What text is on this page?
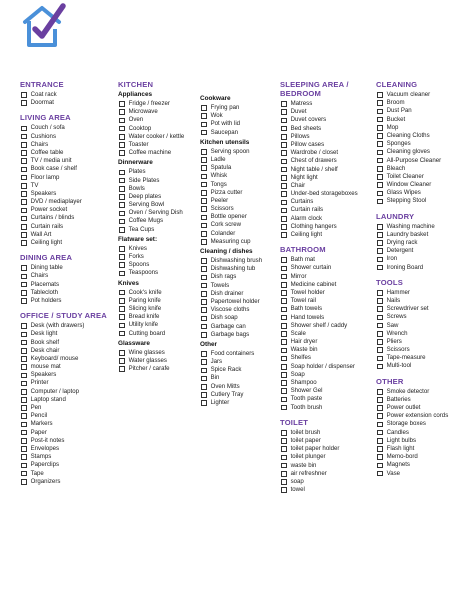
ENTRANCE
Coat rack
Doormat
LIVING AREA
Couch / sofa
Cushions
Chairs
Coffee table
TV / media unit
Book case / shelf
Floor lamp
TV
Speakers
DVD / mediaplayer
Power socket
Curtains / blinds
Curtain rails
Wall Art
Ceiling light
DINING AREA
Dining table
Chairs
Placemats
Tablecloth
Pot holders
OFFICE / STUDY AREA
Desk (with drawers)
Desk light
Book shelf
Desk chair
Keyboard/ mouse
mouse mat
Speakers
Printer
Computer / laptop
Laptop stand
Pen
Pencil
Markers
Paper
Post-it notes
Envelopes
Stamps
Paperclips
Tape
Organizers
KITCHEN
Appliances
Fridge / freezer
Microwave
Oven
Cooktop
Water cooker / kettle
Toaster
Coffee machine
Dinnerware
Plates
Side Plates
Bowls
Deep plates
Serving Bowl
Oven / Serving Dish
Coffee Mugs
Tea Cups
Flatware set:
Knives
Forks
Spoons
Teaspoons
Knives
Cook's knife
Paring knife
Slicing knife
Bread knife
Utility knife
Cutting board
Glassware
Wine glasses
Water glasses
Pitcher / carafe
Cookware
Frying pan
Wok
Pot with lid
Saucepan
Kitchen utensils
Serving spoon
Ladle
Spatula
Whisk
Tongs
Pizza cutter
Peeler
Scissors
Bottle opener
Cork screw
Colander
Measuring cup
Cleaning / dishes
Dishwashing brush
Dishwashing tub
Dish rags
Towels
Dish drainer
Papertowel holder
Viscose cloths
Dish soap
Garbage can
Garbage bags
Other
Food containers
Jars
Spice Rack
Bin
Oven Mitts
Cutlery Tray
Lighter
SLEEPING AREA /
BEDROOM
Matress
Duvet
Duvet covers
Bed sheets
Pillows
Pillow cases
Wardrobe / closet
Chest of drawers
Night table / shelf
Night light
Chair
Under-bed storageboxes
Curtains
Curtain rails
Alarm clock
Clothing hangers
Ceiling light
BATHROOM
Bath mat
Shower curtain
Mirror
Medicine cabinet
Towel holder
Towel rail
Bath towels
Hand towels
Shower shelf / caddy
Scale
Hair dryer
Waste bin
Shelfes
Soap holder / dispenser
Soap
Shampoo
Shower Gel
Tooth paste
Tooth brush
TOILET
toilet brush
toilet paper
toilet paper holder
toilet plunger
waste bin
air refreshner
soap
towel
CLEANING
Vacuum cleaner
Broom
Dust Pan
Bucket
Mop
Cleaning Cloths
Sponges
Cleaning gloves
All-Purpose Cleaner
Bleach
Toilet Cleaner
Window Cleaner
Glass Wipes
Stepping Stool
LAUNDRY
Washing machine
Laundry basket
Drying rack
Detergent
Iron
Ironing Board
TOOLS
Hammer
Nails
Screwdriver set
Screws
Saw
Wrench
Pliers
Scissors
Tape-measure
Multi-tool
OTHER
Smoke detector
Batteries
Power outlet
Power extension cords
Storage boxes
Candles
Light bulbs
Flash light
Memo-bord
Magnets
Vase
